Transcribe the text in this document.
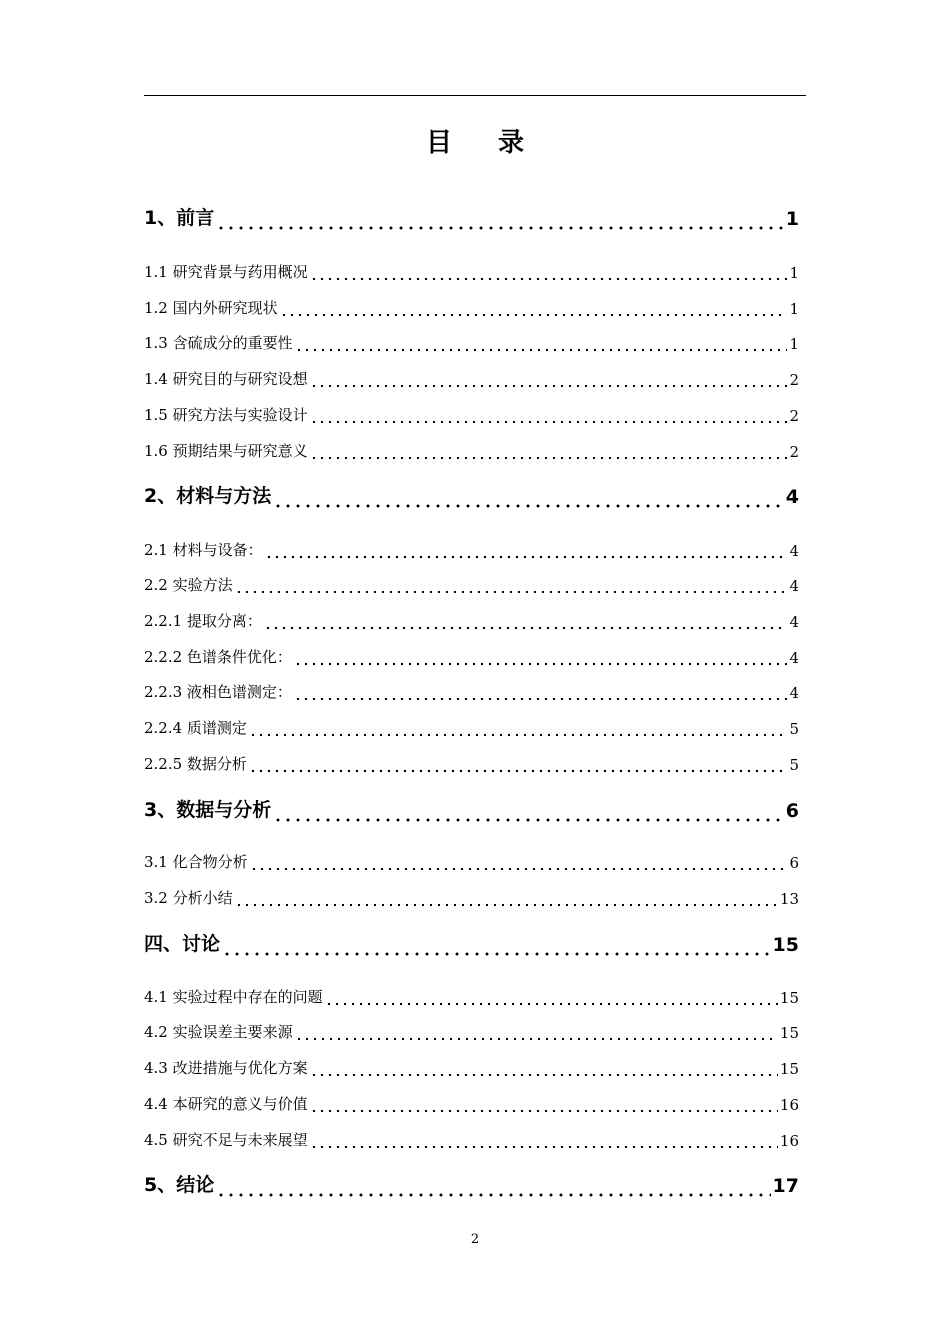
目 录
1、前言	1
1.1 研究背景与药用概况	1
1.2 国内外研究现状	1
1.3 含硫成分的重要性	1
1.4 研究目的与研究设想	2
1.5 研究方法与实验设计	2
1.6 预期结果与研究意义	2
2、材料与方法	4
2.1 材料与设备：	4
2.2 实验方法	4
2.2.1 提取分离：	4
2.2.2 色谱条件优化：	4
2.2.3 液相色谱测定：	4
2.2.4 质谱测定	5
2.2.5 数据分析	5
3、数据与分析	6
3.1 化合物分析	6
3.2 分析小结	13
四、讨论	15
4.1 实验过程中存在的问题	15
4.2 实验误差主要来源	15
4.3 改进措施与优化方案	15
4.4 本研究的意义与价值	16
4.5 研究不足与未来展望	16
5、结论	17
2
